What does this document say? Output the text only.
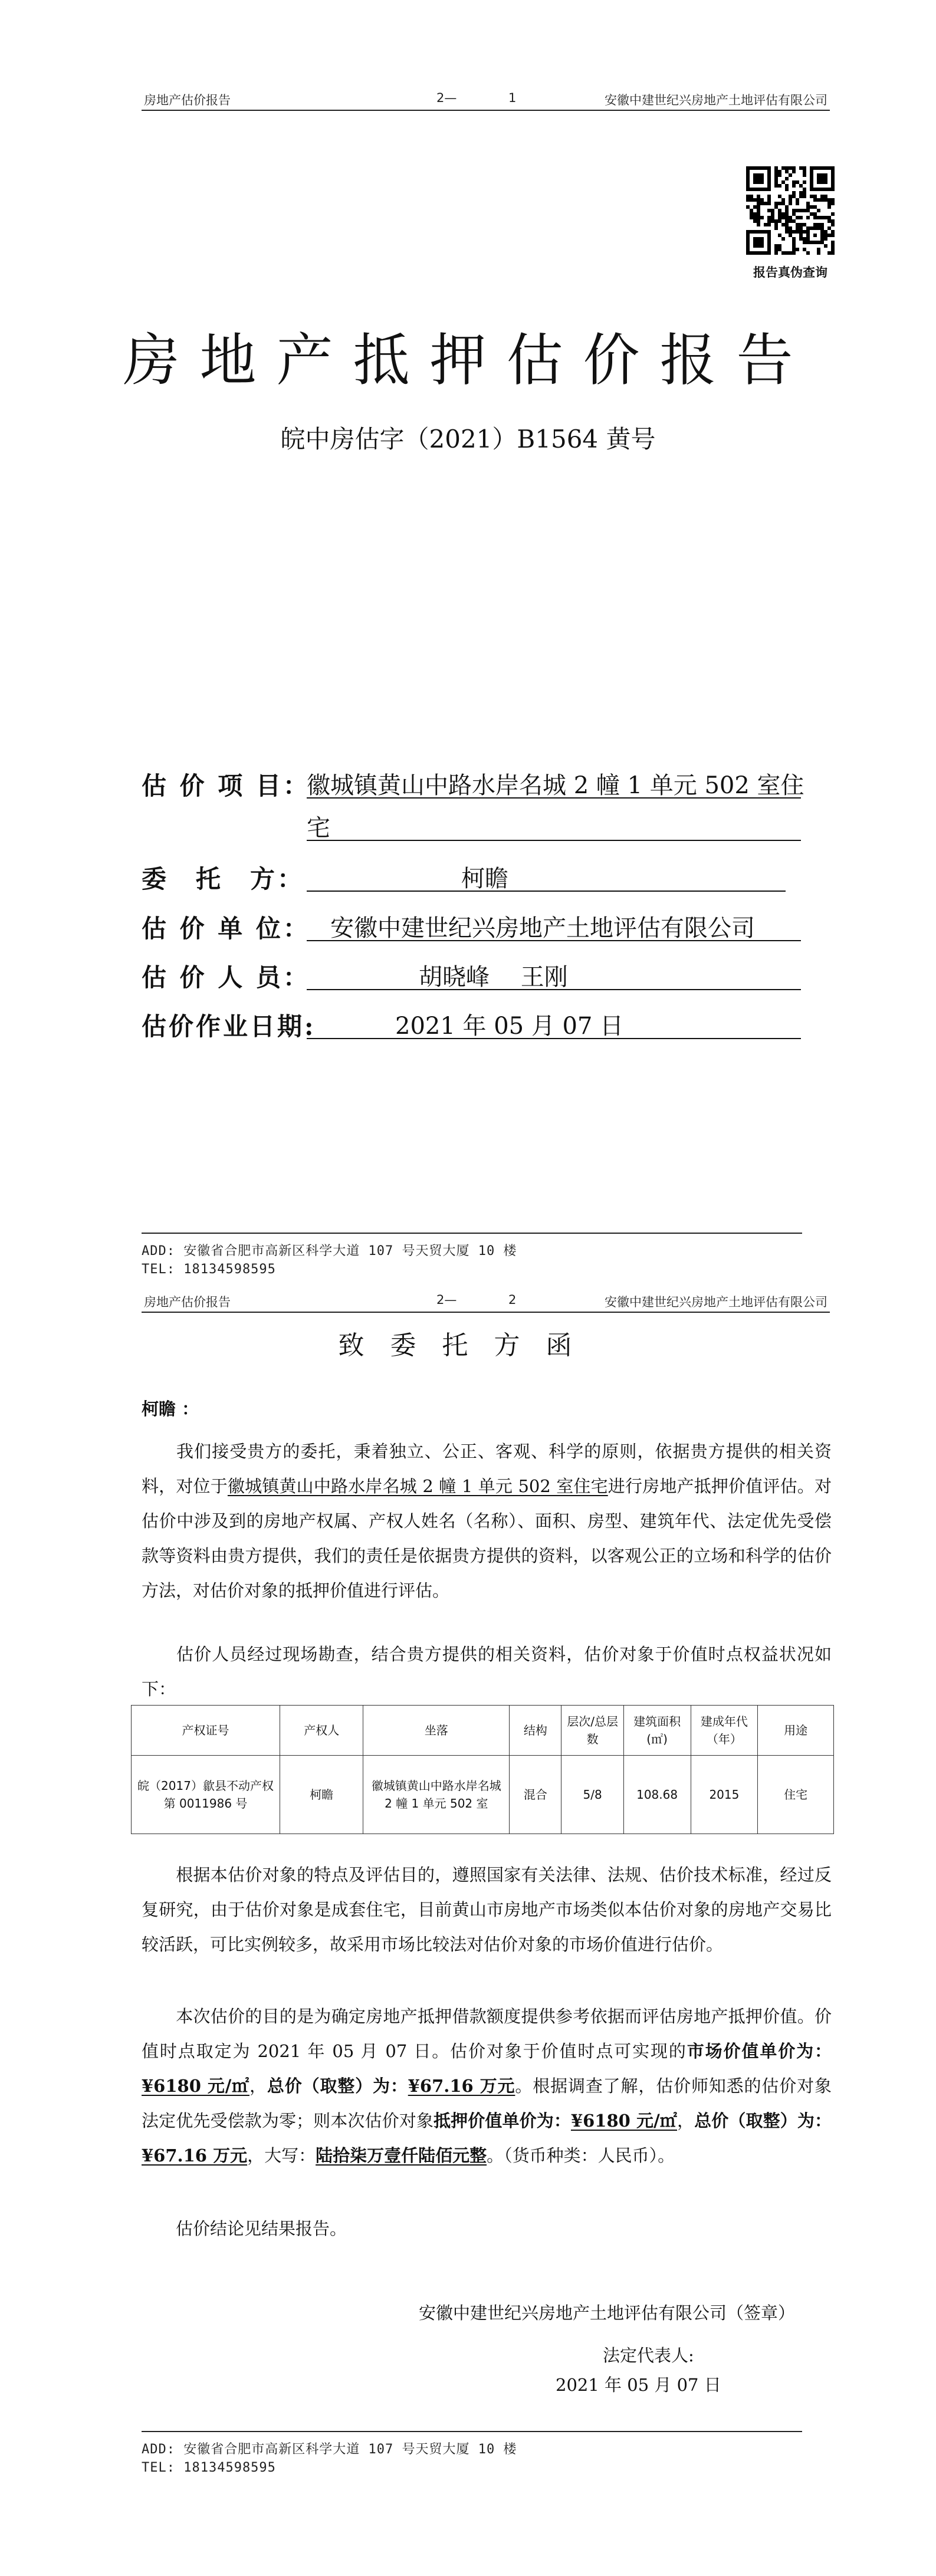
房地产估价报告	2—	1	安徽中建世纪兴房地产土地评估有限公司
报告真伪查询
房地产抵押估价报告
皖中房估字（2021）B1564 黄号
估 价 项 目：
徽城镇黄山中路水岸名城 2 幢 1 单元 502 室住
宅
委　托　方：	柯瞻
估 价 单 位： 安徽中建世纪兴房地产土地评估有限公司
估 价 人 员：	胡晓峰　 王刚
估价作业日期:	2021 年 05 月 07 日
ADD: 安徽省合肥市高新区科学大道 107 号天贸大厦 10 楼
TEL: 18134598595
房地产估价报告	2—	2	安徽中建世纪兴房地产土地评估有限公司
致委托方函
柯瞻 ：
我们接受贵方的委托，秉着独立、公正、客观、科学的原则，依据贵方提供的相关资料，对位于徽城镇黄山中路水岸名城 2 幢 1 单元 502 室住宅进行房地产抵押价值评估。对估价中涉及到的房地产权属、产权人姓名（名称）、面积、房型、建筑年代、法定优先受偿款等资料由贵方提供，我们的责任是依据贵方提供的资料，以客观公正的立场和科学的估价方法，对估价对象的抵押价值进行评估。
估价人员经过现场勘查，结合贵方提供的相关资料，估价对象于价值时点权益状况如下：
产权证号	产权人	坐落	结构	层次/总层数	建筑面积(㎡)	建成年代（年）	用途
皖（2017）歙县不动产权第 0011986 号	柯瞻	徽城镇黄山中路水岸名城 2 幢 1 单元 502 室	混合	5/8	108.68	2015	住宅
根据本估价对象的特点及评估目的，遵照国家有关法律、法规、估价技术标准，经过反复研究，由于估价对象是成套住宅，目前黄山市房地产市场类似本估价对象的房地产交易比较活跃，可比实例较多，故采用市场比较法对估价对象的市场价值进行估价。
本次估价的目的是为确定房地产抵押借款额度提供参考依据而评估房地产抵押价值。价值时点取定为 2021 年 05 月 07 日。估价对象于价值时点可实现的市场价值单价为：¥6180 元/㎡，总价（取整）为：¥67.16 万元。根据调查了解，估价师知悉的估价对象法定优先受偿款为零；则本次估价对象抵押价值单价为：¥6180 元/㎡，总价（取整）为：¥67.16 万元，大写：陆拾柒万壹仟陆佰元整。（货币种类：人民币）。
估价结论见结果报告。
安徽中建世纪兴房地产土地评估有限公司（签章）
法定代表人:
2021 年 05 月 07 日
ADD: 安徽省合肥市高新区科学大道 107 号天贸大厦 10 楼
TEL: 18134598595
